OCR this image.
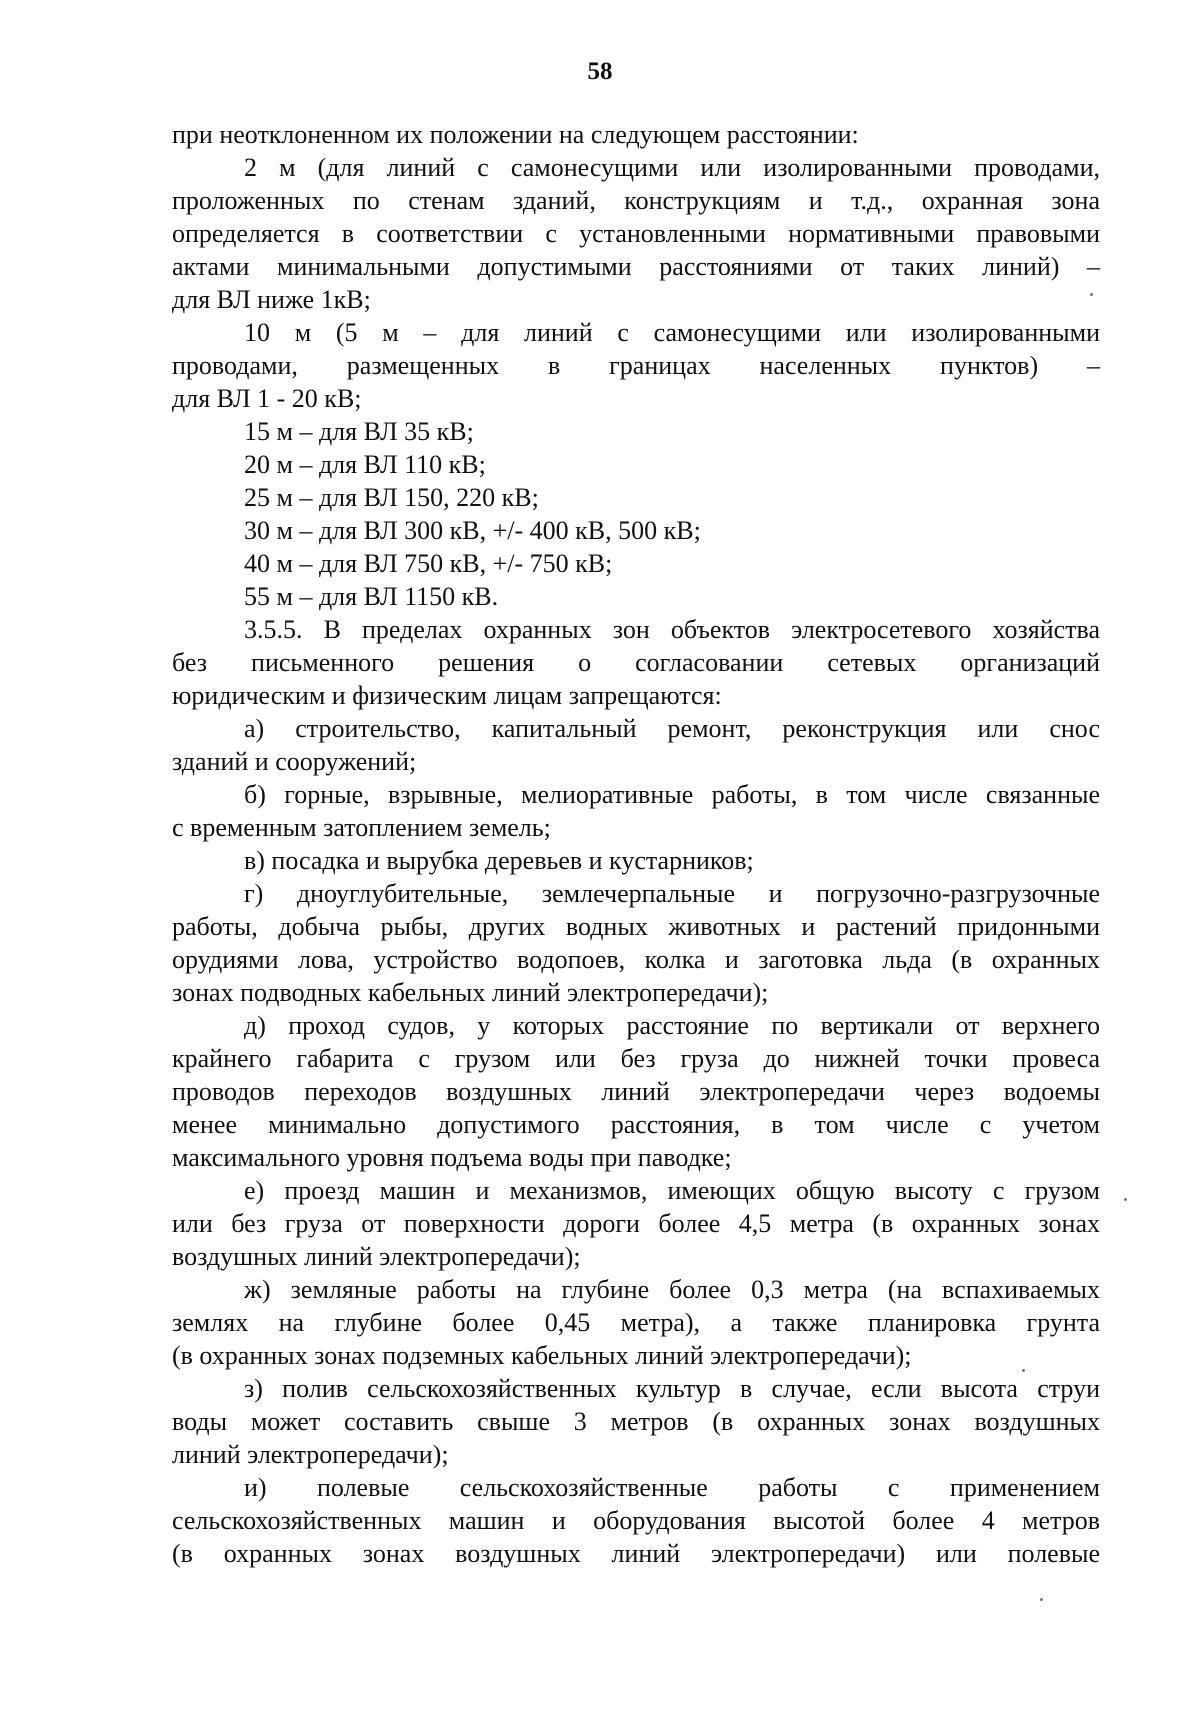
58
при неотклоненном их положении на следующем расстоянии:
2 м (для линий с самонесущими или изолированными проводами,
проложенных по стенам зданий, конструкциям и т.д., охранная зона
определяется в соответствии с установленными нормативными правовыми
актами минимальными допустимыми расстояниями от таких линий) –
для ВЛ ниже 1кВ;
10 м (5 м – для линий с самонесущими или изолированными
проводами, размещенных в границах населенных пунктов) –
для ВЛ 1 - 20 кВ;
15 м – для ВЛ 35 кВ;
20 м – для ВЛ 110 кВ;
25 м – для ВЛ 150, 220 кВ;
30 м – для ВЛ 300 кВ, +/- 400 кВ, 500 кВ;
40 м – для ВЛ 750 кВ, +/- 750 кВ;
55 м – для ВЛ 1150 кВ.
3.5.5. В пределах охранных зон объектов электросетевого хозяйства
без письменного решения о согласовании сетевых организаций
юридическим и физическим лицам запрещаются:
а) строительство, капитальный ремонт, реконструкция или снос
зданий и сооружений;
б) горные, взрывные, мелиоративные работы, в том числе связанные
с временным затоплением земель;
в) посадка и вырубка деревьев и кустарников;
г) дноуглубительные, землечерпальные и погрузочно-разгрузочные
работы, добыча рыбы, других водных животных и растений придонными
орудиями лова, устройство водопоев, колка и заготовка льда (в охранных
зонах подводных кабельных линий электропередачи);
д) проход судов, у которых расстояние по вертикали от верхнего
крайнего габарита с грузом или без груза до нижней точки провеса
проводов переходов воздушных линий электропередачи через водоемы
менее минимально допустимого расстояния, в том числе с учетом
максимального уровня подъема воды при паводке;
е) проезд машин и механизмов, имеющих общую высоту с грузом
или без груза от поверхности дороги более 4,5 метра (в охранных зонах
воздушных линий электропередачи);
ж) земляные работы на глубине более 0,3 метра (на вспахиваемых
землях на глубине более 0,45 метра), а также планировка грунта
(в охранных зонах подземных кабельных линий электропередачи);
з) полив сельскохозяйственных культур в случае, если высота струи
воды может составить свыше 3 метров (в охранных зонах воздушных
линий электропередачи);
и) полевые сельскохозяйственные работы с применением
сельскохозяйственных машин и оборудования высотой более 4 метров
(в охранных зонах воздушных линий электропередачи) или полевые
